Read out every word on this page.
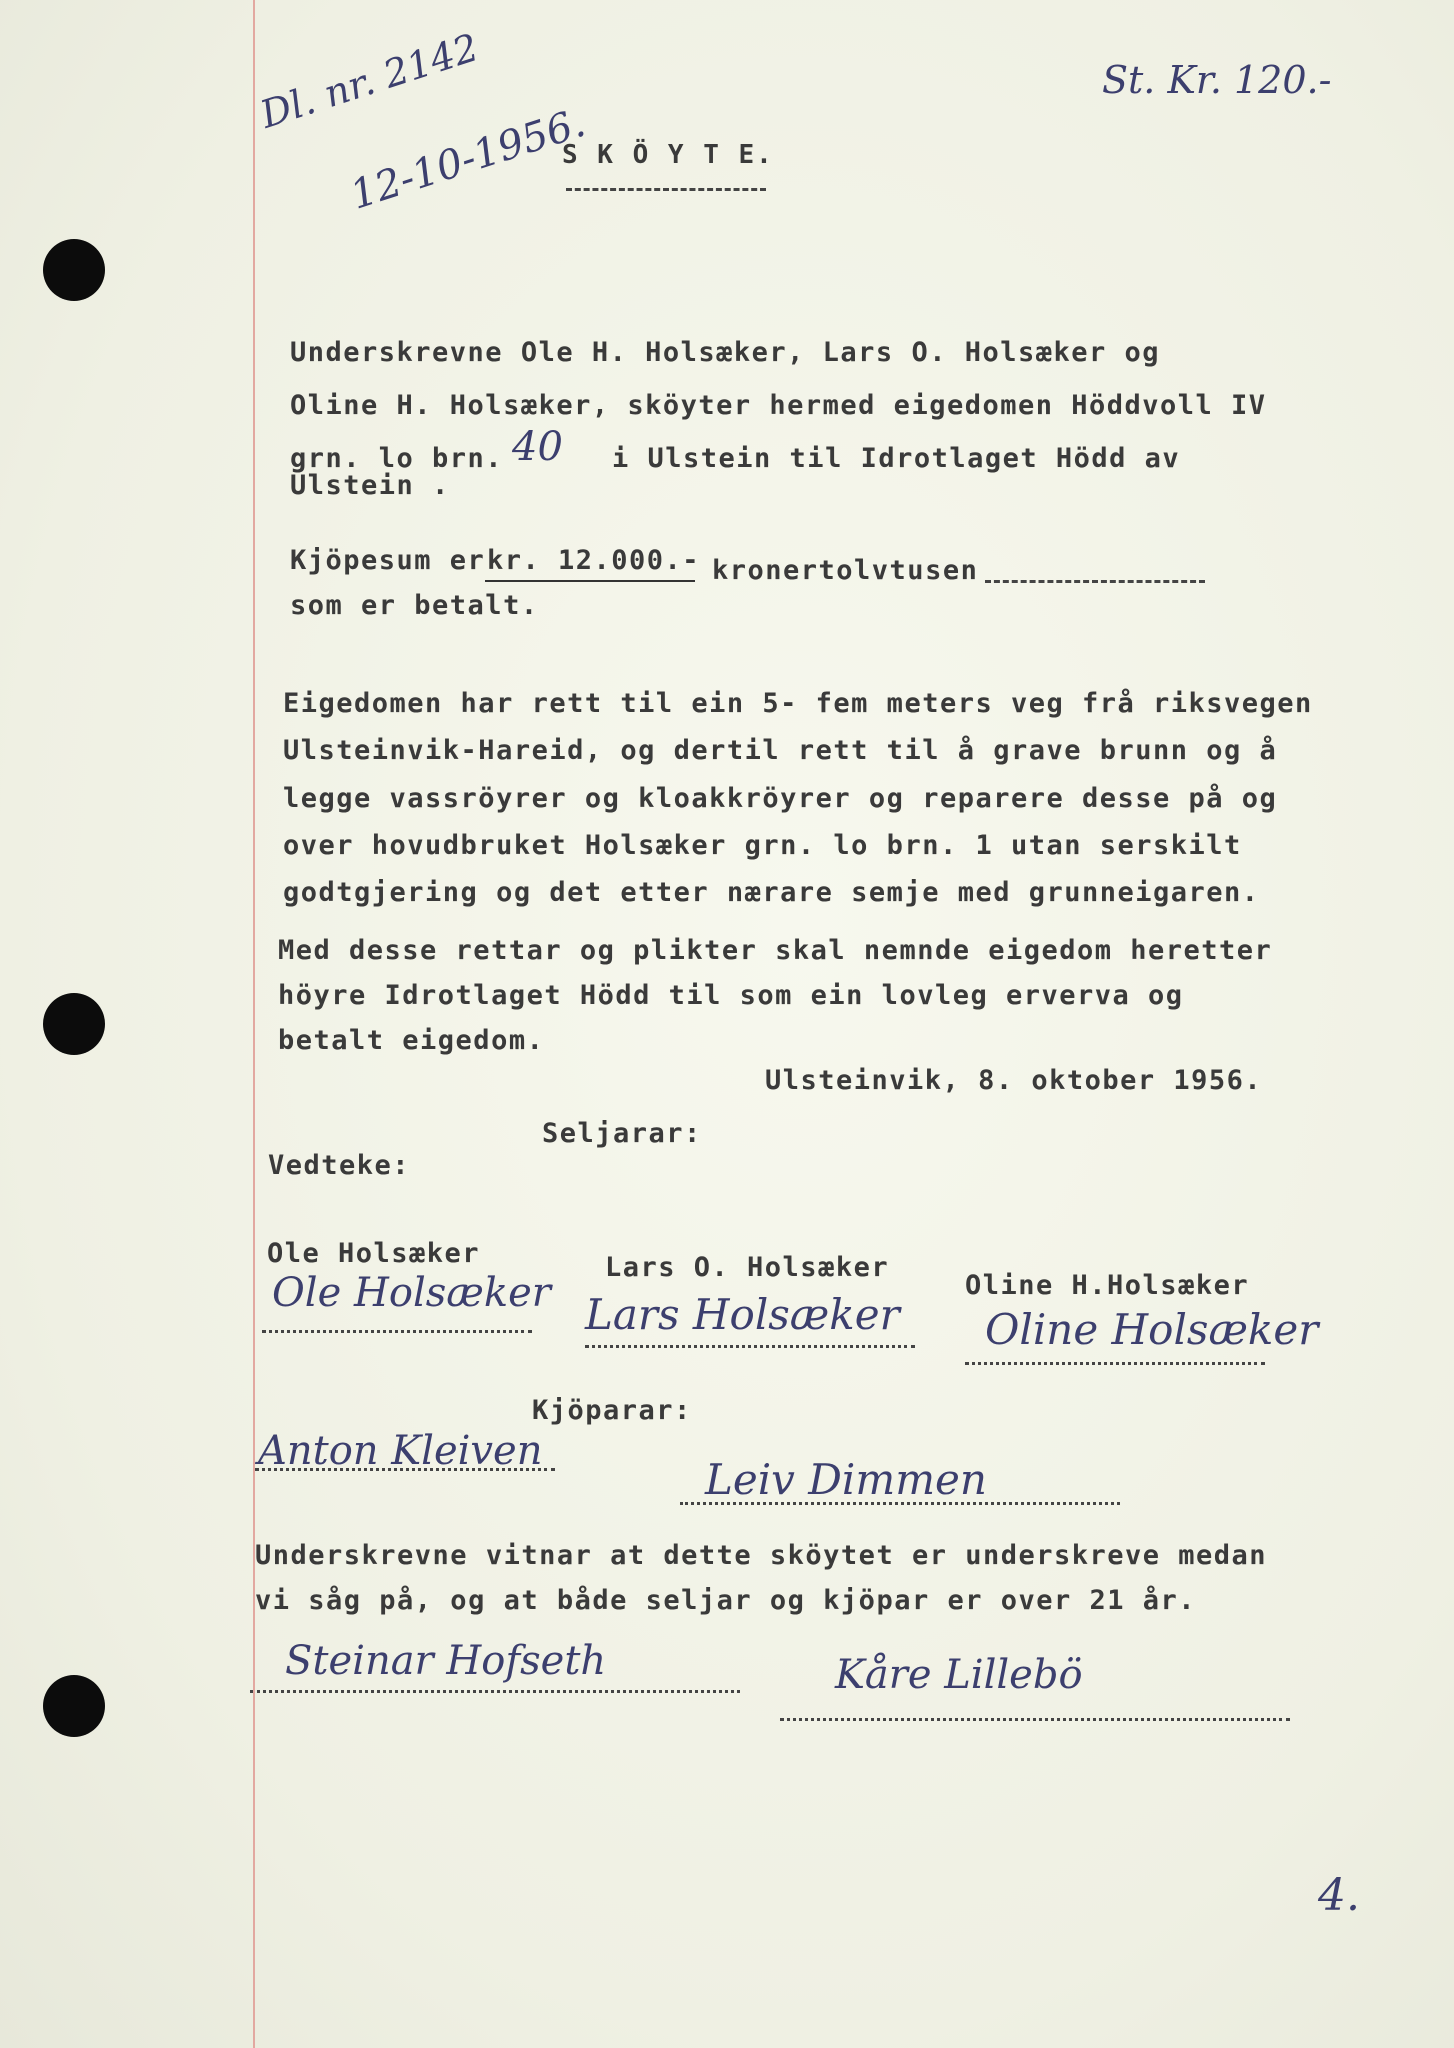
Dl. nr. 2142
12-10-1956.
St. Kr. 120.-
S K Ö Y T E.
Underskrevne Ole H. Holsæker, Lars O. Holsæker og
Oline H. Holsæker, sköyter hermed eigedomen Höddvoll IV
grn. lo brn. 40 i Ulstein til Idrotlaget Hödd av
Ulstein .
Kjöpesum er kr. 12.000.- kronertolvtusen
som er betalt.
Eigedomen har rett til ein 5- fem meters veg frå riksvegen
Ulsteinvik-Hareid, og dertil rett til å grave brunn og å
legge vassröyrer og kloakkröyrer og reparere desse på og
over hovudbruket Holsæker grn. lo brn. 1 utan serskilt
godtgjering og det etter nærare semje med grunneigaren.
Med desse rettar og plikter skal nemnde eigedom heretter
höyre Idrotlaget Hödd til som ein lovleg erverva og
betalt eigedom.
Ulsteinvik, 8. oktober 1956.
Seljarar:
Vedteke:
Ole Holsæker	Lars O. Holsæker
Oline H.Holsæker
Ole Holsæker Lars Holsæker Oline Holsæker
Kjöparar:
Anton Kleiven
Leiv Dimmen
Underskrevne vitnar at dette sköytet er underskreve medan
vi såg på, og at både seljar og kjöpar er over 21 år.
Steinar Hofseth	Kåre Lillebö
4.
